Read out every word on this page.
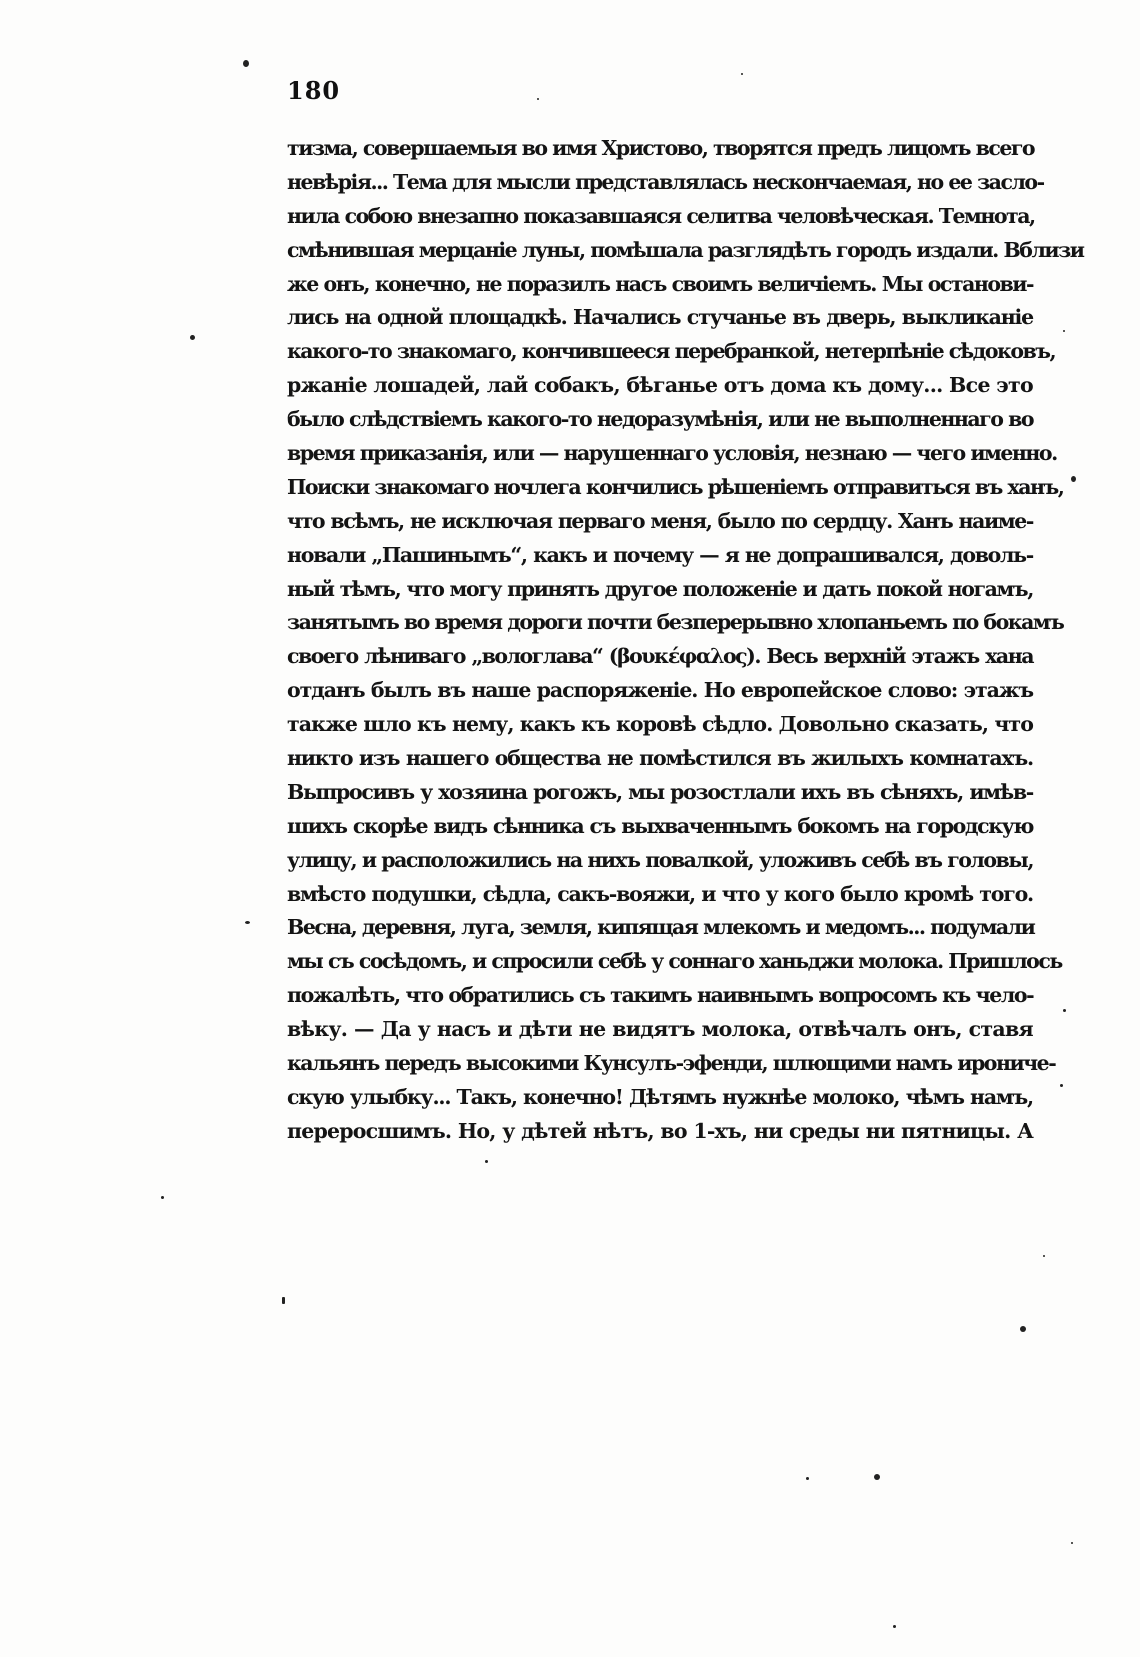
180
тизма, совершаемыя во имя Христово, творятся предъ лицомъ всего
невѣрія... Тема для мысли представлялась нескончаемая, но ее засло-
нила собою внезапно показавшаяся селитва человѣческая. Темнота,
смѣнившая мерцаніе луны, помѣшала разглядѣть городъ издали. Вблизи
же онъ, конечно, не поразилъ насъ своимъ величіемъ. Мы останови-
лись на одной площадкѣ. Начались стучанье въ дверь, выкликаніе
какого-то знакомаго, кончившееся перебранкой, нетерпѣніе сѣдоковъ,
ржаніе лошадей, лай собакъ, бѣганье отъ дома къ дому... Все это
было слѣдствіемъ какого-то недоразумѣнія, или не выполненнаго во
время приказанія, или — нарушеннаго условія, незнаю — чего именно.
Поиски знакомаго ночлега кончились рѣшеніемъ отправиться въ ханъ,
что всѣмъ, не исключая перваго меня, было по сердцу. Ханъ наиме-
новали „Пашинымъ“, какъ и почему — я не допрашивался, доволь-
ный тѣмъ, что могу принять другое положеніе и дать покой ногамъ,
занятымъ во время дороги почти безперерывно хлопаньемъ по бокамъ
своего лѣниваго „вологлава“ (βουκέφαλος). Весь верхній этажъ хана
отданъ былъ въ наше распоряженіе. Но европейское слово: этажъ
также шло къ нему, какъ къ коровѣ сѣдло. Довольно сказать, что
никто изъ нашего общества не помѣстился въ жилыхъ комнатахъ.
Выпросивъ у хозяина рогожъ, мы розостлали ихъ въ сѣняхъ, имѣв-
шихъ скорѣе видъ сѣнника съ выхваченнымъ бокомъ на городскую
улицу, и расположились на нихъ повалкой, уложивъ себѣ въ головы,
вмѣсто подушки, сѣдла, сакъ-вояжи, и что у кого было кромѣ того.
Весна, деревня, луга, земля, кипящая млекомъ и медомъ... подумали
мы съ сосѣдомъ, и спросили себѣ у соннаго ханьджи молока. Пришлось
пожалѣть, что обратились съ такимъ наивнымъ вопросомъ къ чело-
вѣку. — Да у насъ и дѣти не видятъ молока, отвѣчалъ онъ, ставя
кальянъ передъ высокими Кунсулъ-эфенди, шлющими намъ ирониче-
скую улыбку... Такъ, конечно! Дѣтямъ нужнѣе молоко, чѣмъ намъ,
переросшимъ. Но, у дѣтей нѣтъ, во 1-хъ, ни среды ни пятницы. А
